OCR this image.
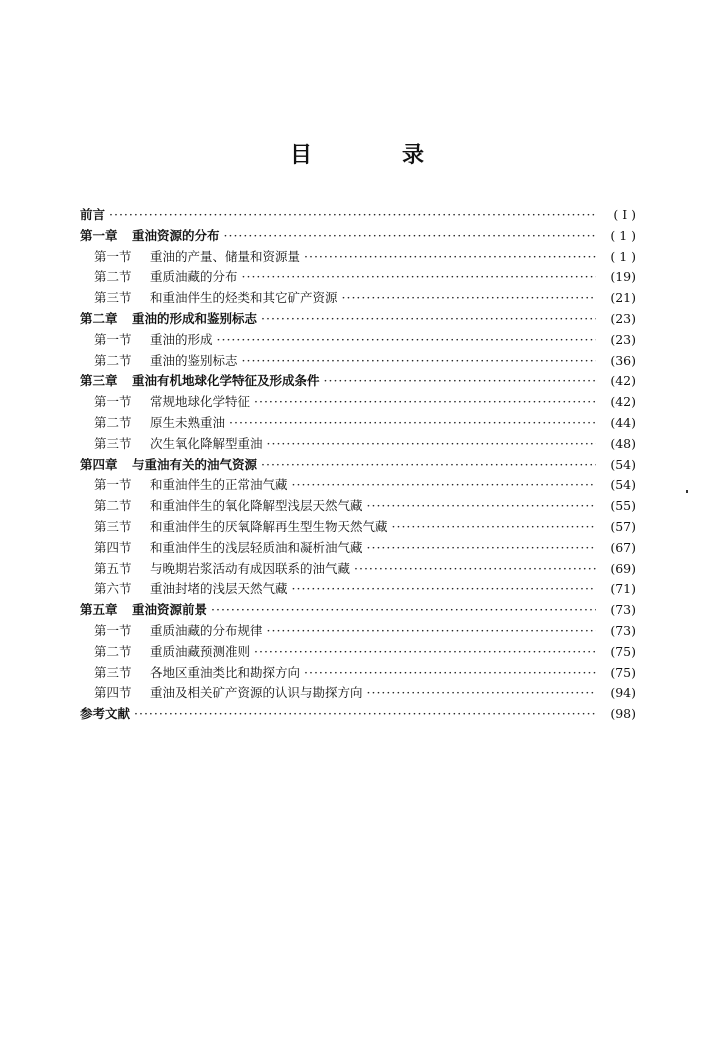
目　录
前言 ·····	( Ⅰ )
第一章	重油资源的分布 ·····	( 1 )
第一节	重油的产量、储量和资源量 ·····	( 1 )
第二节	重质油藏的分布 ·····	(19)
第三节	和重油伴生的烃类和其它矿产资源 ·····	(21)
第二章	重油的形成和鉴别标志 ·····	(23)
第一节	重油的形成 ·····	(23)
第二节	重油的鉴别标志 ·····	(36)
第三章	重油有机地球化学特征及形成条件 ·····	(42)
第一节	常规地球化学特征 ·····	(42)
第二节	原生未熟重油 ·····	(44)
第三节	次生氧化降解型重油 ·····	(48)
第四章	与重油有关的油气资源 ·····	(54)
第一节	和重油伴生的正常油气藏 ·····	(54)
第二节	和重油伴生的氧化降解型浅层天然气藏 ·····	(55)
第三节	和重油伴生的厌氧降解再生型生物天然气藏 ·····	(57)
第四节	和重油伴生的浅层轻质油和凝析油气藏 ·····	(67)
第五节	与晚期岩浆活动有成因联系的油气藏 ·····	(69)
第六节	重油封堵的浅层天然气藏 ·····	(71)
第五章	重油资源前景 ·····	(73)
第一节	重质油藏的分布规律 ·····	(73)
第二节	重质油藏预测准则 ·····	(75)
第三节	各地区重油类比和勘探方向 ·····	(75)
第四节	重油及相关矿产资源的认识与勘探方向 ·····	(94)
参考文献 ·····	(98)
